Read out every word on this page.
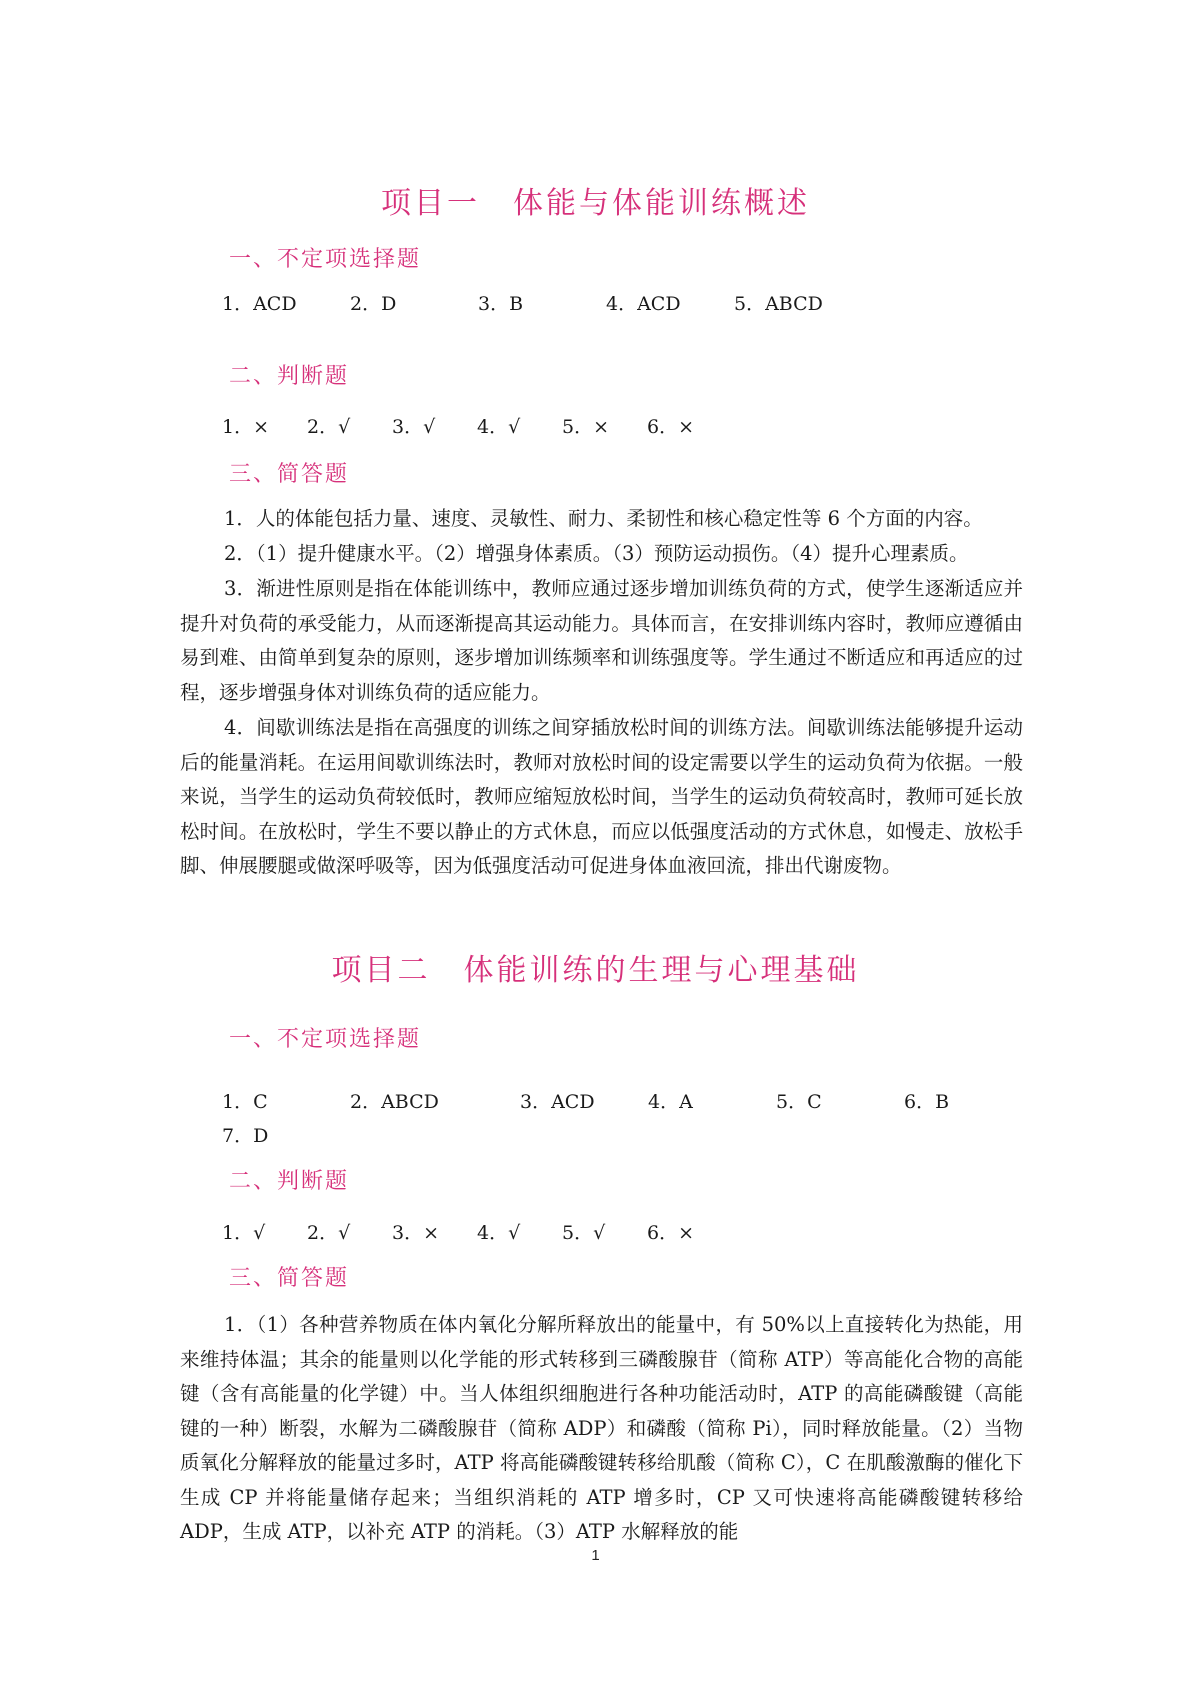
项目一　体能与体能训练概述
一、不定项选择题
1．ACD	2．D	3．B	4．ACD	5．ABCD
二、判断题
1．× 2．√ 3．√ 4．√ 5．× 6．×
三、简答题

1．人的体能包括力量、速度、灵敏性、耐力、柔韧性和核心稳定性等 6 个方面的内容。

2．（1）提升健康水平。（2）增强身体素质。（3）预防运动损伤。（4）提升心理素质。

3．渐进性原则是指在体能训练中，教师应通过逐步增加训练负荷的方式，使学生逐渐适应并提升对负荷的承受能力，从而逐渐提高其运动能力。具体而言，在安排训练内容时，教师应遵循由易到难、由简单到复杂的原则，逐步增加训练频率和训练强度等。学生通过不断适应和再适应的过程，逐步增强身体对训练负荷的适应能力。

4．间歇训练法是指在高强度的训练之间穿插放松时间的训练方法。间歇训练法能够提升运动后的能量消耗。在运用间歇训练法时，教师对放松时间的设定需要以学生的运动负荷为依据。一般来说，当学生的运动负荷较低时，教师应缩短放松时间，当学生的运动负荷较高时，教师可延长放松时间。在放松时，学生不要以静止的方式休息，而应以低强度活动的方式休息，如慢走、放松手脚、伸展腰腿或做深呼吸等，因为低强度活动可促进身体血液回流，排出代谢废物。

项目二　体能训练的生理与心理基础
一、不定项选择题
1．C	2．ABCD	3．ACD	4．A	5．C	6．B
7．D
二、判断题
1．√ 2．√ 3．× 4．√ 5．√ 6．×
三、简答题

1．（1）各种营养物质在体内氧化分解所释放出的能量中，有 50%以上直接转化为热能，用来维持体温；其余的能量则以化学能的形式转移到三磷酸腺苷（简称 ATP）等高能化合物的高能键（含有高能量的化学键）中。当人体组织细胞进行各种功能活动时，ATP 的高能磷酸键（高能键的一种）断裂，水解为二磷酸腺苷（简称 ADP）和磷酸（简称 Pi），同时释放能量。（2）当物质氧化分解释放的能量过多时，ATP 将高能磷酸键转移给肌酸（简称 C），C 在肌酸激酶的催化下生成 CP 并将能量储存起来；当组织消耗的 ATP 增多时，CP 又可快速将高能磷酸键转移给 ADP，生成 ATP，以补充 ATP 的消耗。（3）ATP 水解释放的能

1
